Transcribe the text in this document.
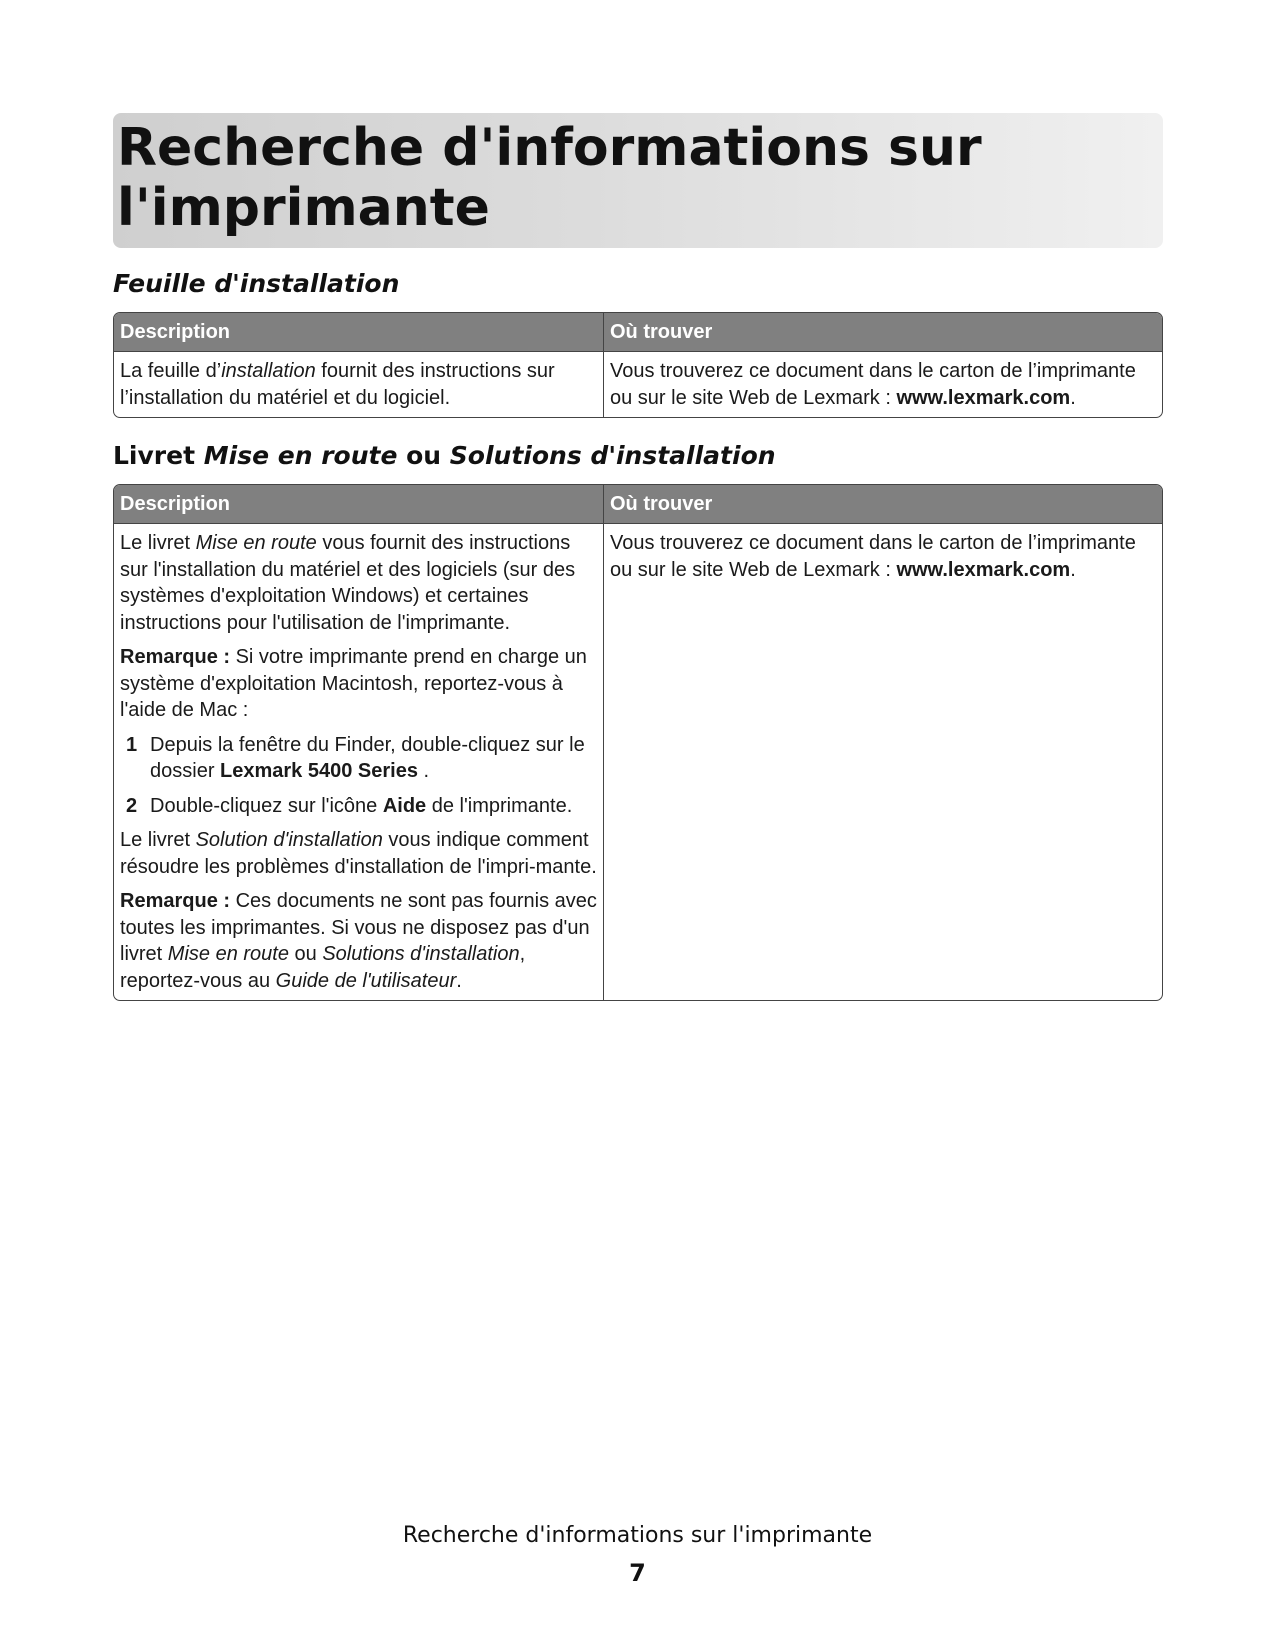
Recherche d'informations sur l'imprimante
Feuille d'installation
Description	Où trouver

La feuille d’installation fournit des instructions sur l’installation du matériel et du logiciel.

Vous trouverez ce document dans le carton de l’imprimante ou sur le site Web de Lexmark : www.lexmark.com.

Livret Mise en route ou Solutions d'installation
Description	Où trouver

Le livret Mise en route vous fournit des instructions sur l'installation du matériel et des logiciels (sur des systèmes d'exploitation Windows) et certaines instructions pour l'utilisation de l'imprimante.

Remarque : Si votre imprimante prend en charge un système d'exploitation Macintosh, reportez-vous à l'aide de Mac :

1 Depuis la fenêtre du Finder, double-cliquez sur le dossier Lexmark 5400 Series .
2 Double-cliquez sur l'icône Aide de l'imprimante.

Le livret Solution d'installation vous indique comment résoudre les problèmes d'installation de l'impri-mante.

Remarque : Ces documents ne sont pas fournis avec toutes les imprimantes. Si vous ne disposez pas d'un livret Mise en route ou Solutions d'installation, reportez-vous au Guide de l'utilisateur.

Vous trouverez ce document dans le carton de l’imprimante ou sur le site Web de Lexmark : www.lexmark.com.

Recherche d'informations sur l'imprimante
7
